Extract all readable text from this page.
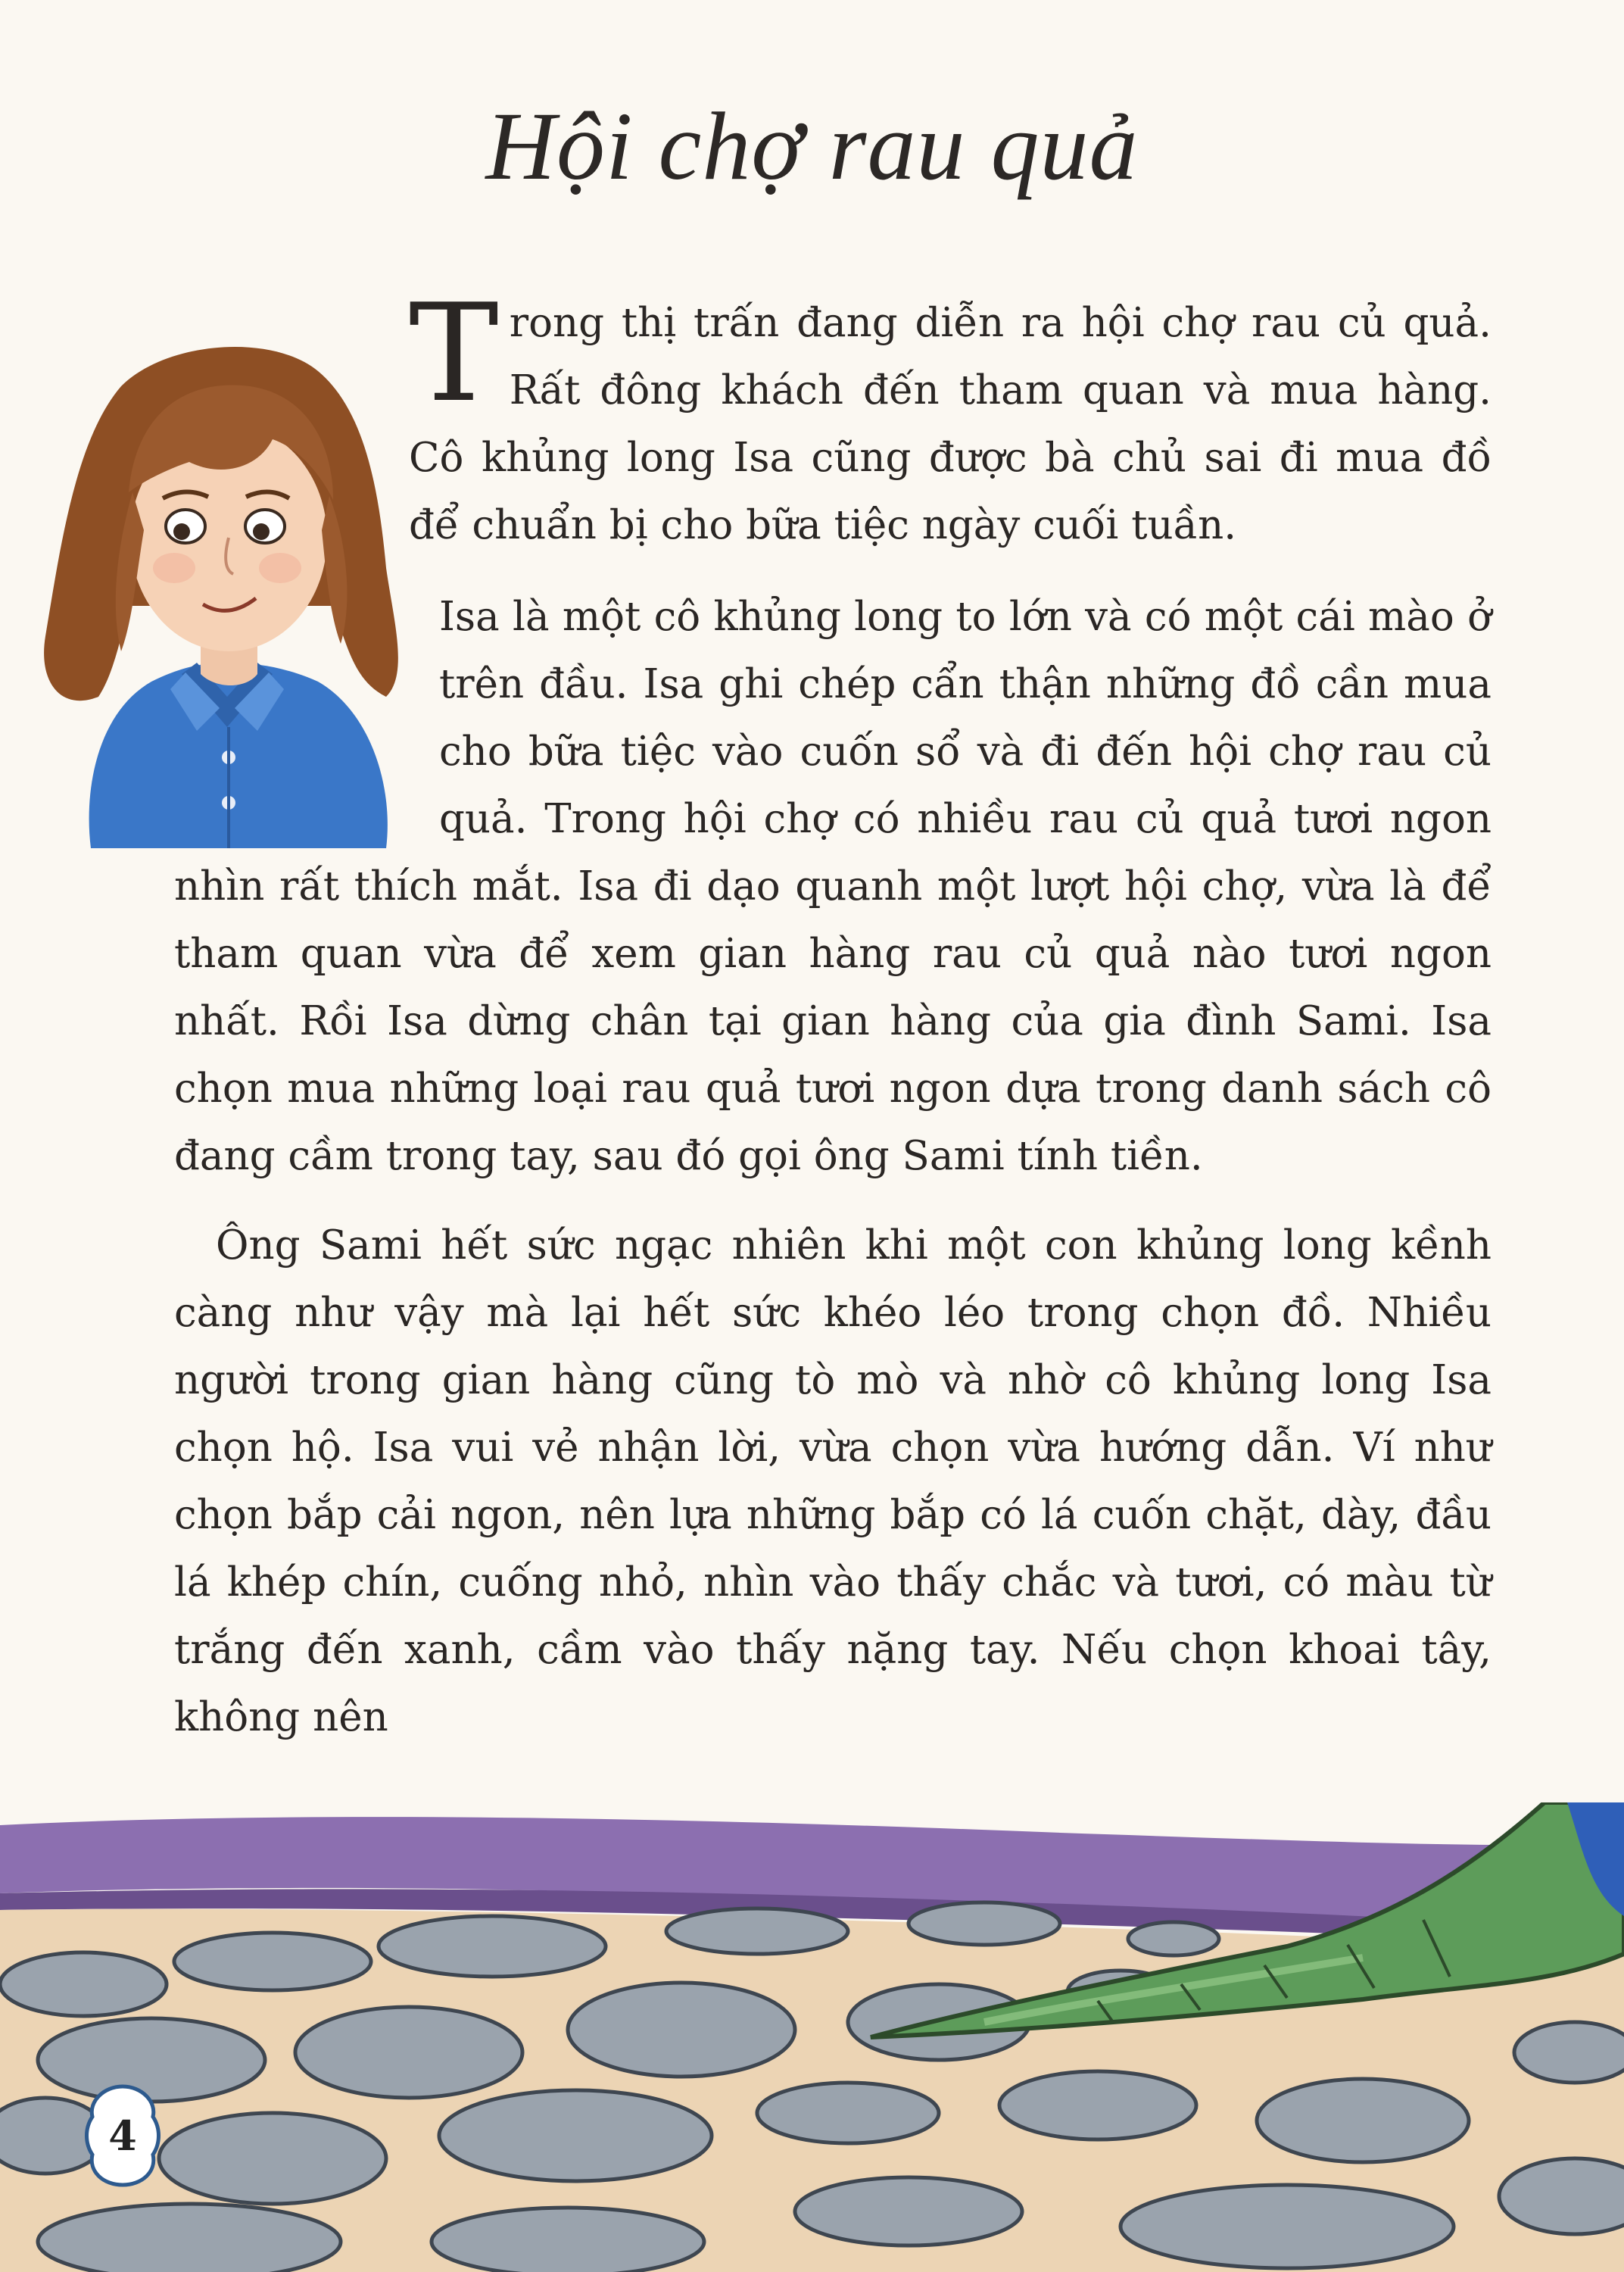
Hội chợ rau quả
T rong thị trấn đang diễn ra hội chợ rau củ quả. Rất đông khách đến tham quan và mua hàng. Cô khủng long Isa cũng được bà chủ sai đi mua đồ để chuẩn bị cho bữa tiệc ngày cuối tuần.
Isa là một cô khủng long to lớn và có một cái mào ở trên đầu. Isa ghi chép cẩn thận những đồ cần mua cho bữa tiệc vào cuốn sổ và đi đến hội chợ rau củ quả. Trong hội chợ có nhiều rau củ quả tươi ngon nhìn rất thích mắt. Isa đi dạo quanh một lượt hội chợ, vừa là để tham quan vừa để xem gian hàng rau củ quả nào tươi ngon nhất. Rồi Isa dừng chân tại gian hàng của gia đình Sami. Isa chọn mua những loại rau quả tươi ngon dựa trong danh sách cô đang cầm trong tay, sau đó gọi ông Sami tính tiền.
Ông Sami hết sức ngạc nhiên khi một con khủng long kềnh càng như vậy mà lại hết sức khéo léo trong chọn đồ. Nhiều người trong gian hàng cũng tò mò và nhờ cô khủng long Isa chọn hộ. Isa vui vẻ nhận lời, vừa chọn vừa hướng dẫn. Ví như chọn bắp cải ngon, nên lựa những bắp có lá cuốn chặt, dày, đầu lá khép chín, cuống nhỏ, nhìn vào thấy chắc và tươi, có màu từ trắng đến xanh, cầm vào thấy nặng tay. Nếu chọn khoai tây, không nên
4
